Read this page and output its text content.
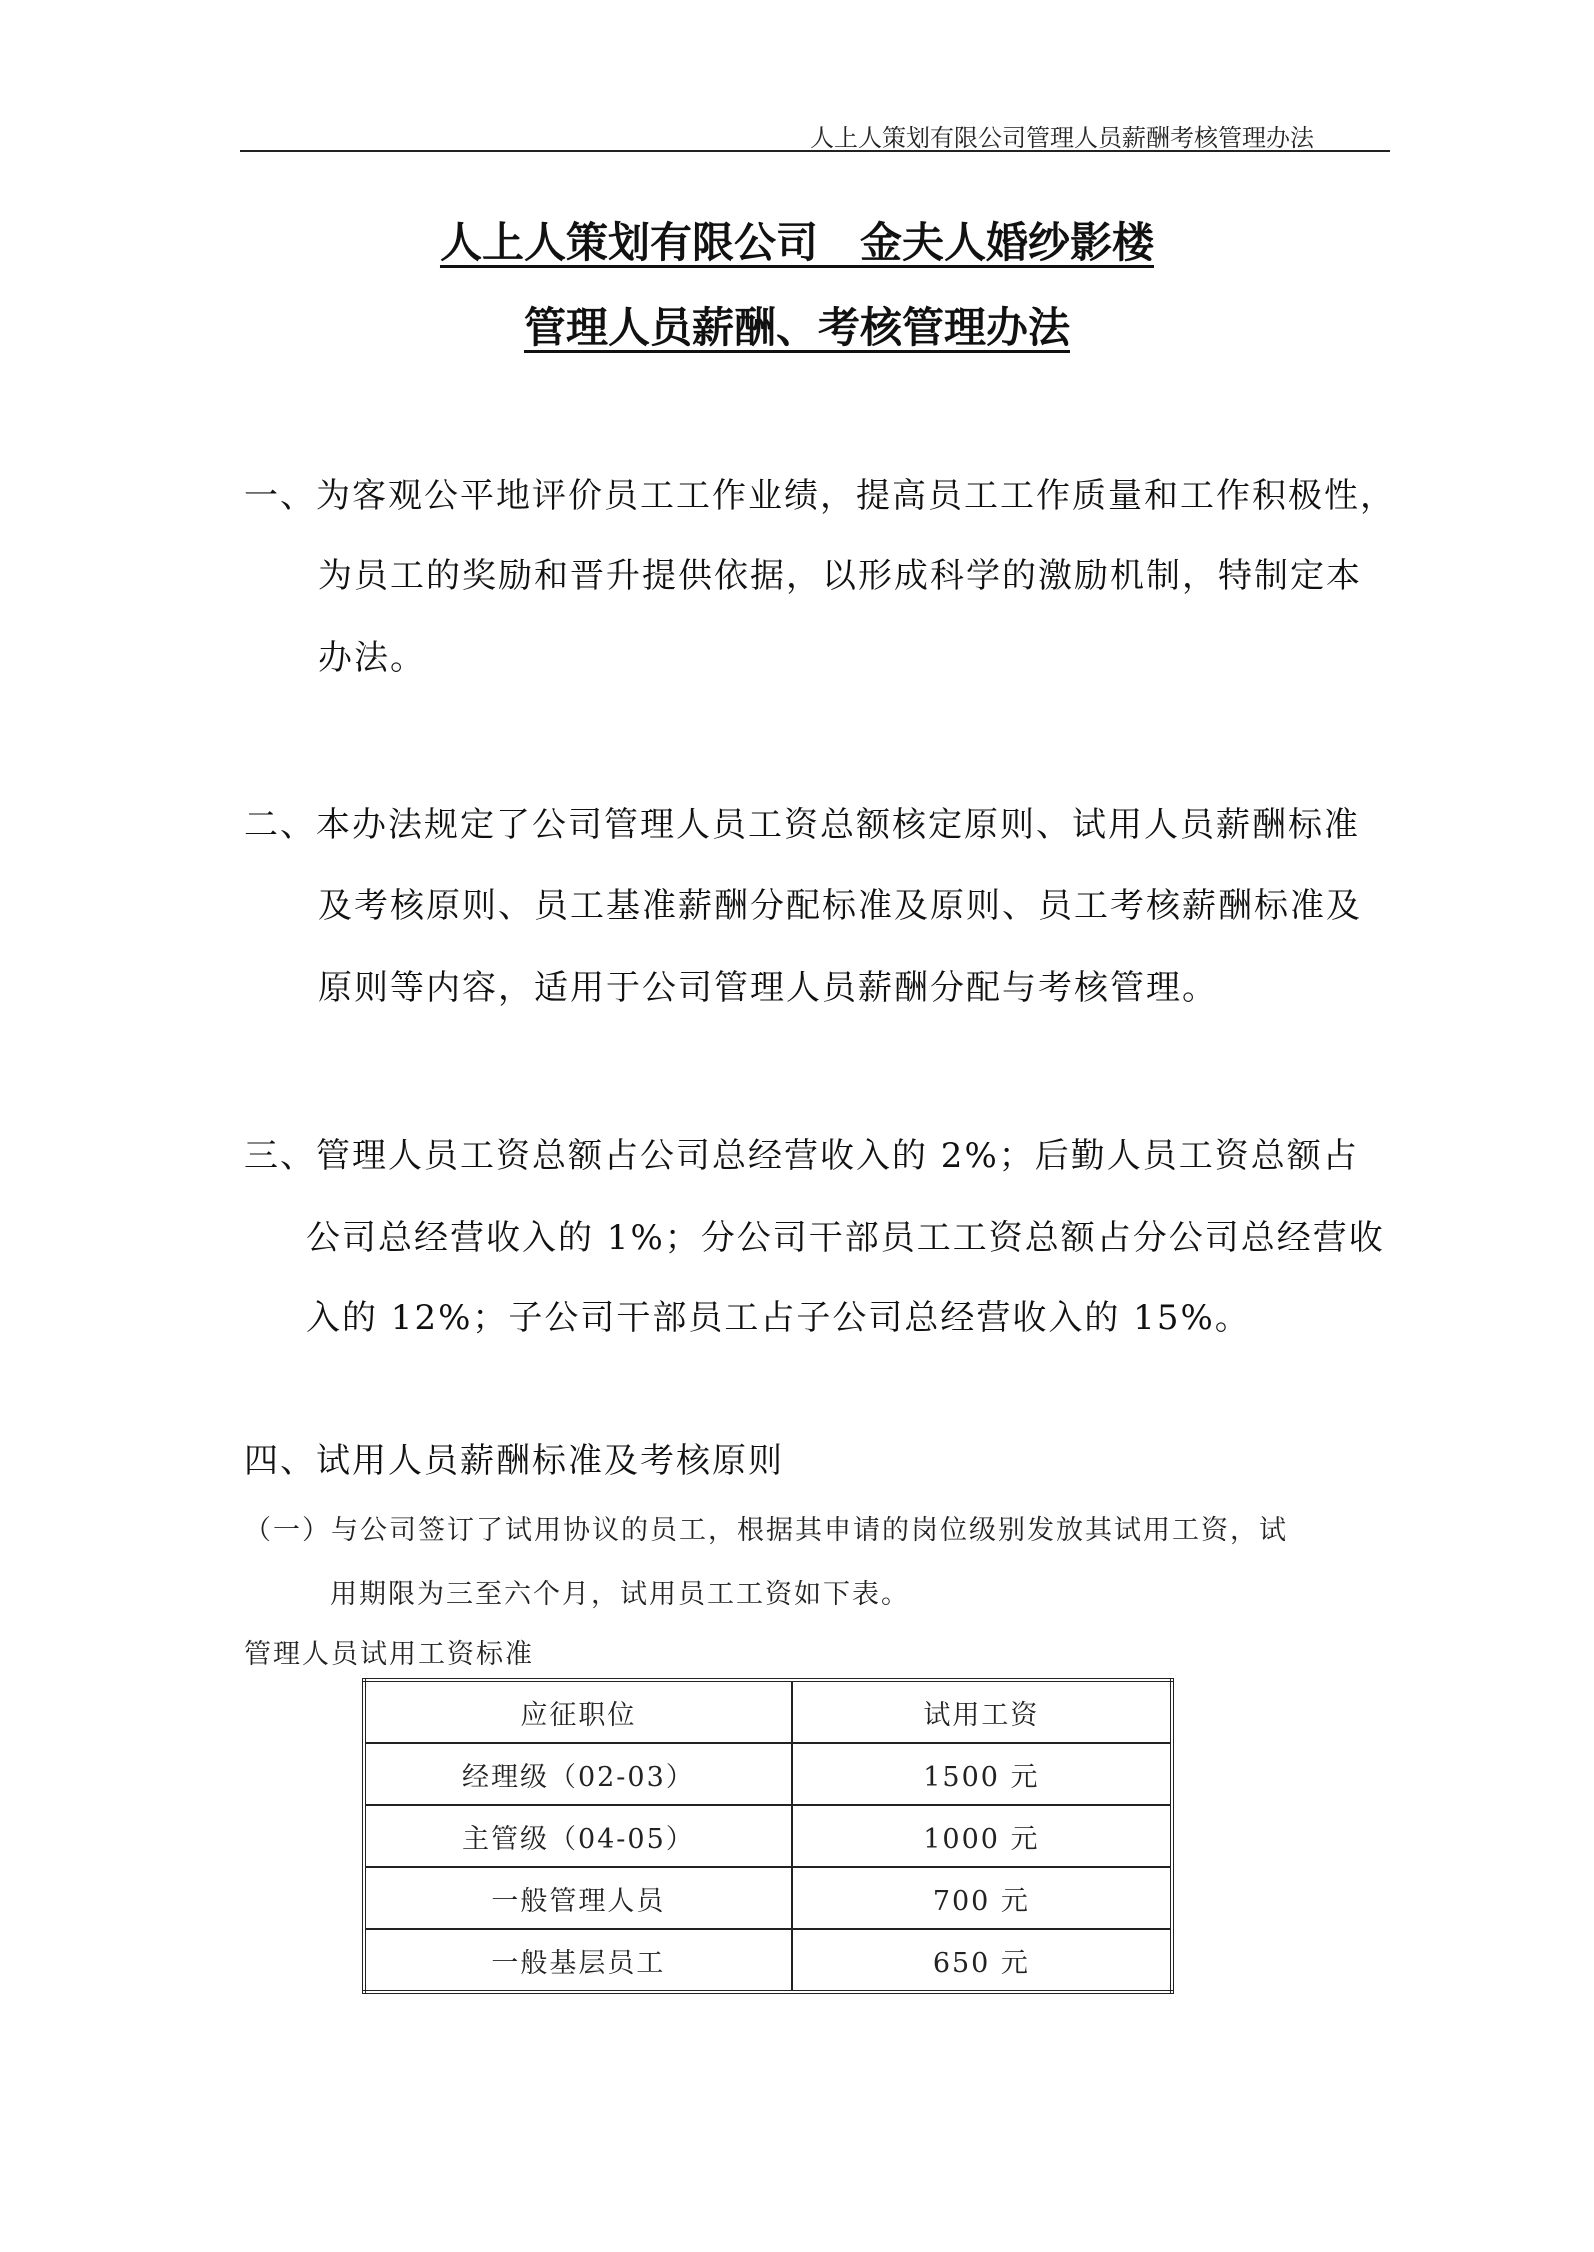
人上人策划有限公司管理人员薪酬考核管理办法
人上人策划有限公司　金夫人婚纱影楼
管理人员薪酬、考核管理办法
一、为客观公平地评价员工工作业绩，提高员工工作质量和工作积极性，
为员工的奖励和晋升提供依据，以形成科学的激励机制，特制定本
办法。
二、本办法规定了公司管理人员工资总额核定原则、试用人员薪酬标准
及考核原则、员工基准薪酬分配标准及原则、员工考核薪酬标准及
原则等内容，适用于公司管理人员薪酬分配与考核管理。
三、管理人员工资总额占公司总经营收入的 2%；后勤人员工资总额占
公司总经营收入的 1%；分公司干部员工工资总额占分公司总经营收
入的 12%；子公司干部员工占子公司总经营收入的 15%。
四、试用人员薪酬标准及考核原则
（一）与公司签订了试用协议的员工，根据其申请的岗位级别发放其试用工资，试
用期限为三至六个月，试用员工工资如下表。
管理人员试用工资标准
应征职位	试用工资
经理级（02-03）	1500 元
主管级（04-05）	1000 元
一般管理人员	700 元
一般基层员工	650 元
